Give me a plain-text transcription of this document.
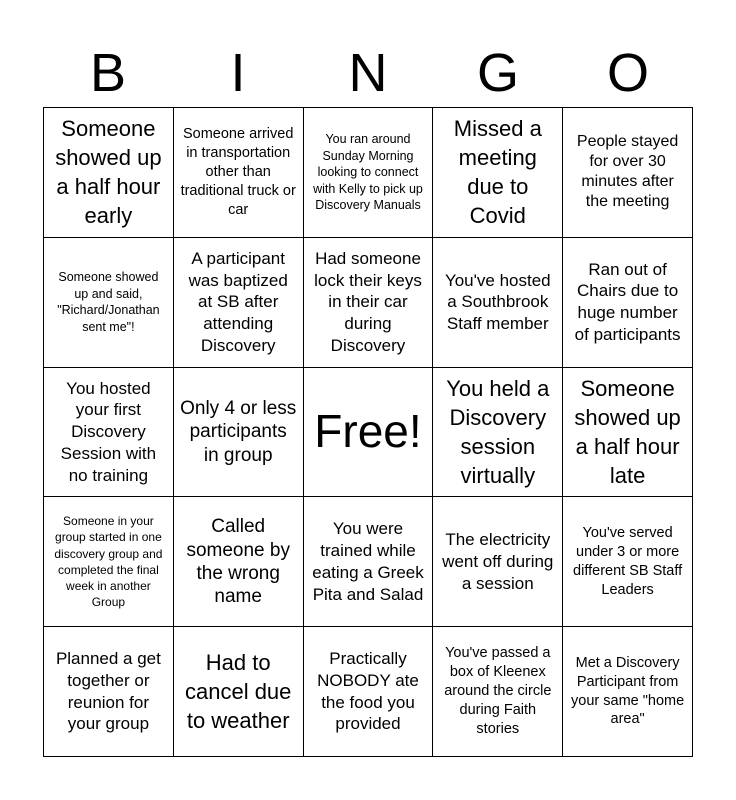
B	I	N	G	O
Someone showed up a half hour early
Someone arrived in transportation other than traditional truck or car
You ran around Sunday Morning looking to connect with Kelly to pick up Discovery Manuals
Missed a meeting due to Covid
People stayed for over 30 minutes after the meeting
Someone showed up and said, "Richard/Jonathan sent me"!
A participant was baptized at SB after attending Discovery
Had someone lock their keys in their car during Discovery
You've hosted a Southbrook Staff member
Ran out of Chairs due to huge number of participants
You hosted your first Discovery Session with no training
Only 4 or less participants in group Free!
You held a Discovery session virtually
Someone showed up a half hour late
Someone in your group started in one discovery group and completed the final week in another Group
Called someone by the wrong name
You were trained while eating a Greek Pita and Salad
The electricity went off during a session
You've served under 3 or more different SB Staff Leaders
Planned a get together or reunion for your group
Had to cancel due to weather
Practically NOBODY ate the food you provided
You've passed a box of Kleenex around the circle during Faith stories
Met a Discovery Participant from your same "home area"
